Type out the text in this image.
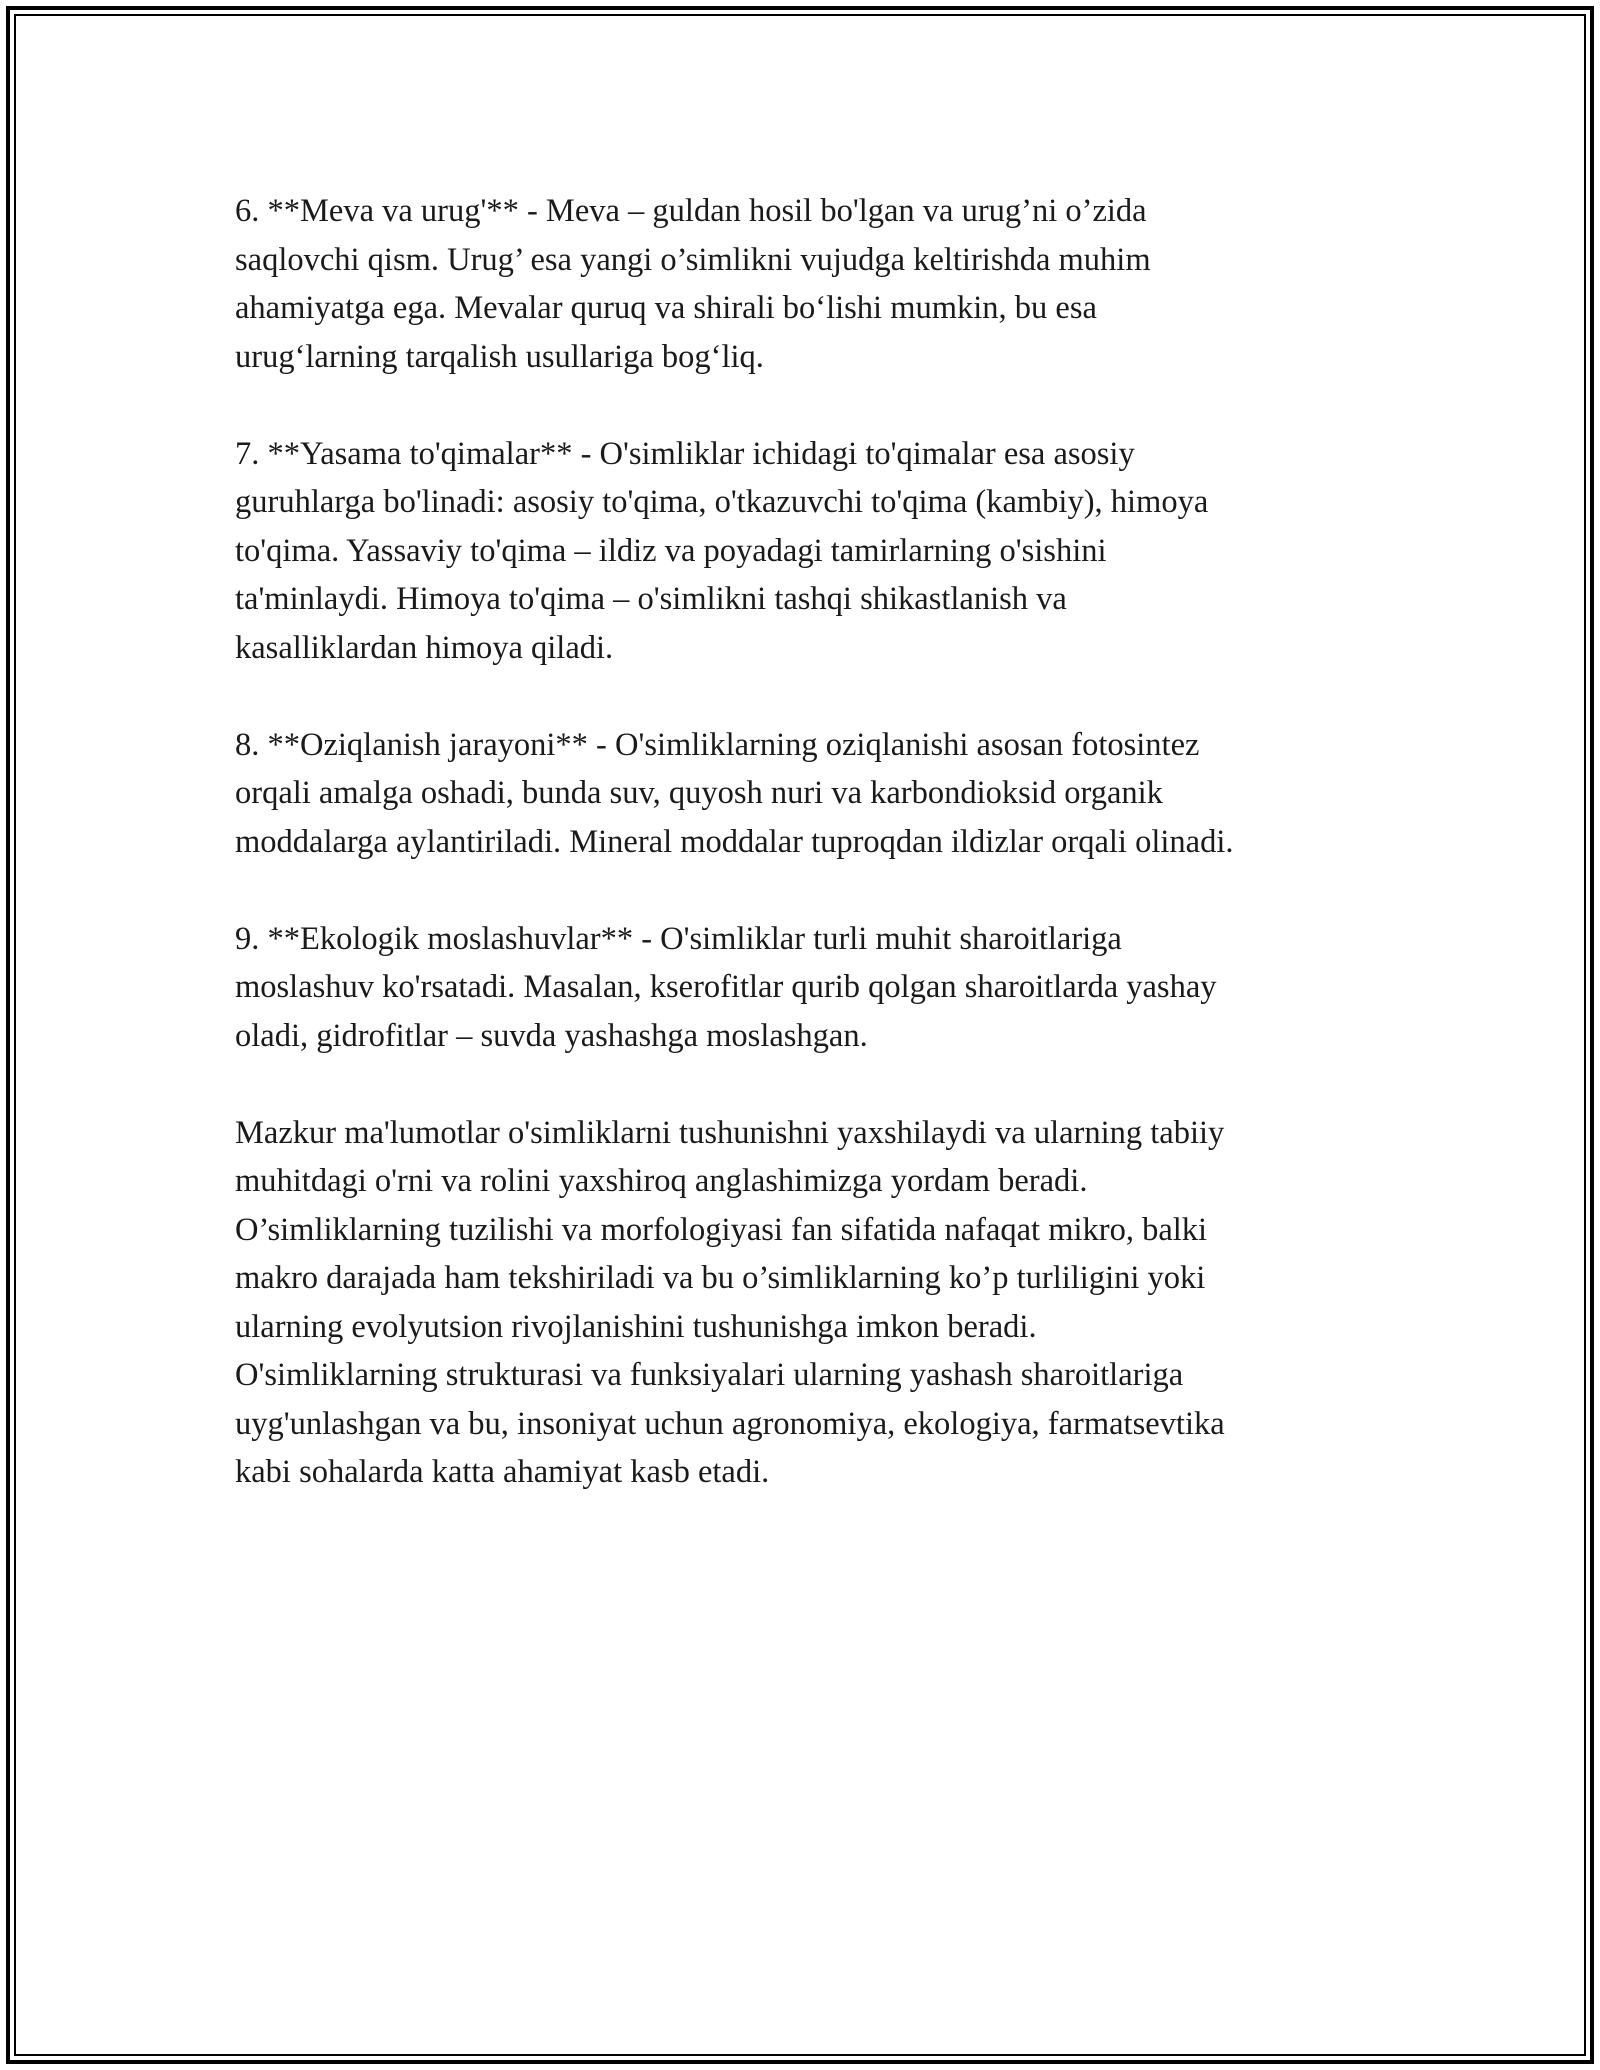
6. **Meva va urug'** - Meva – guldan hosil bo'lgan va urug’ni o’zida
saqlovchi qism. Urug’ esa yangi o’simlikni vujudga keltirishda muhim
ahamiyatga ega. Mevalar quruq va shirali bo‘lishi mumkin, bu esa
urug‘larning tarqalish usullariga bog‘liq.

7. **Yasama to'qimalar** - O'simliklar ichidagi to'qimalar esa asosiy
guruhlarga bo'linadi: asosiy to'qima, o'tkazuvchi to'qima (kambiy), himoya
to'qima. Yassaviy to'qima – ildiz va poyadagi tamirlarning o'sishini
ta'minlaydi. Himoya to'qima – o'simlikni tashqi shikastlanish va
kasalliklardan himoya qiladi.

8. **Oziqlanish jarayoni** - O'simliklarning oziqlanishi asosan fotosintez
orqali amalga oshadi, bunda suv, quyosh nuri va karbondioksid organik
moddalarga aylantiriladi. Mineral moddalar tuproqdan ildizlar orqali olinadi.

9. **Ekologik moslashuvlar** - O'simliklar turli muhit sharoitlariga
moslashuv ko'rsatadi. Masalan, kserofitlar qurib qolgan sharoitlarda yashay
oladi, gidrofitlar – suvda yashashga moslashgan.

Mazkur ma'lumotlar o'simliklarni tushunishni yaxshilaydi va ularning tabiiy
muhitdagi o'rni va rolini yaxshiroq anglashimizga yordam beradi.
O’simliklarning tuzilishi va morfologiyasi fan sifatida nafaqat mikro, balki
makro darajada ham tekshiriladi va bu o’simliklarning ko’p turliligini yoki
ularning evolyutsion rivojlanishini tushunishga imkon beradi.
O'simliklarning strukturasi va funksiyalari ularning yashash sharoitlariga
uyg'unlashgan va bu, insoniyat uchun agronomiya, ekologiya, farmatsevtika
kabi sohalarda katta ahamiyat kasb etadi.
